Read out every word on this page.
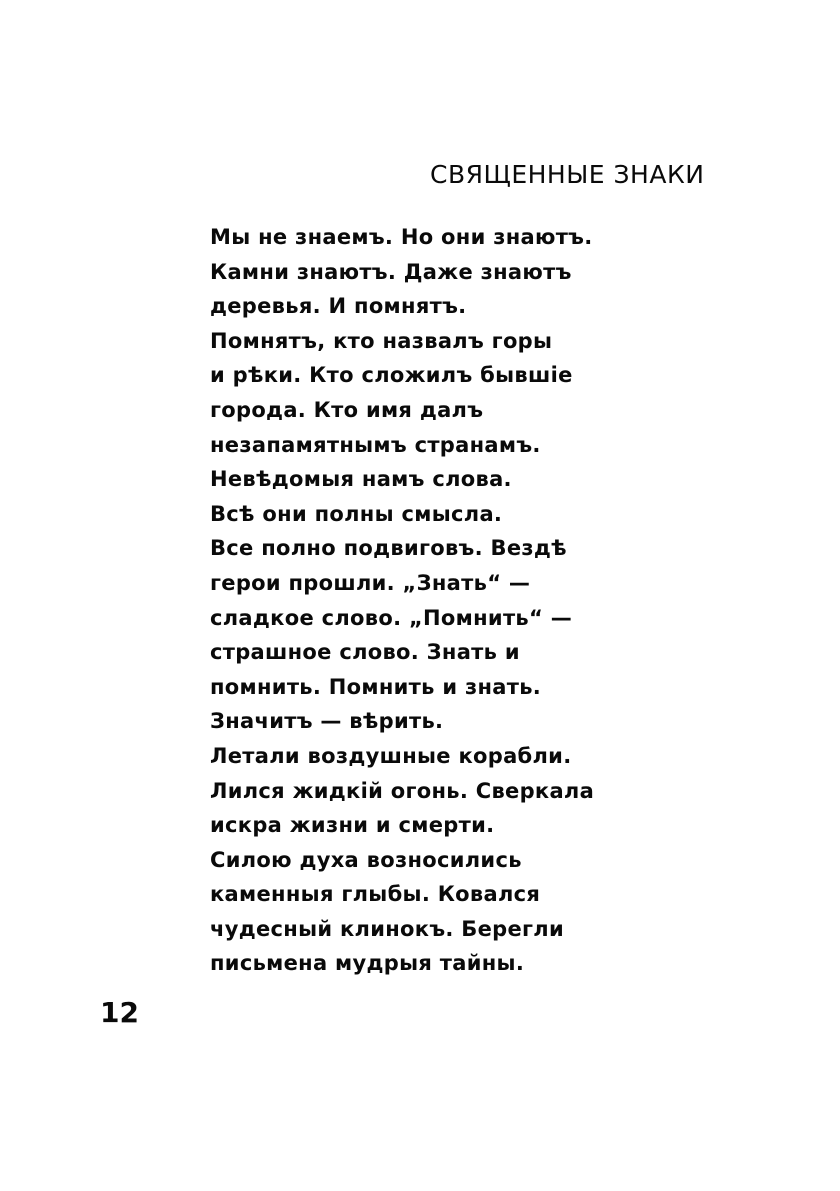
СВЯЩЕННЫЕ ЗНАКИ
Мы не знаемъ. Но они знаютъ.
Камни знаютъ. Даже знаютъ
деревья. И помнятъ.
Помнятъ, кто назвалъ горы
и рѣки. Кто сложилъ бывшіе
города. Кто имя далъ
незапамятнымъ странамъ.
Невѣдомыя намъ слова.
Всѣ они полны смысла.
Все полно подвиговъ. Вездѣ
герои прошли. „Знать“ —
сладкое слово. „Помнить“ —
страшное слово. Знать и
помнить. Помнить и знать.
Значитъ — вѣрить.
Летали воздушные корабли.
Лился жидкій огонь. Сверкала
искра жизни и смерти.
Силою духа возносились
каменныя глыбы. Ковался
чудесный клинокъ. Берегли
письмена мудрыя тайны.
12
